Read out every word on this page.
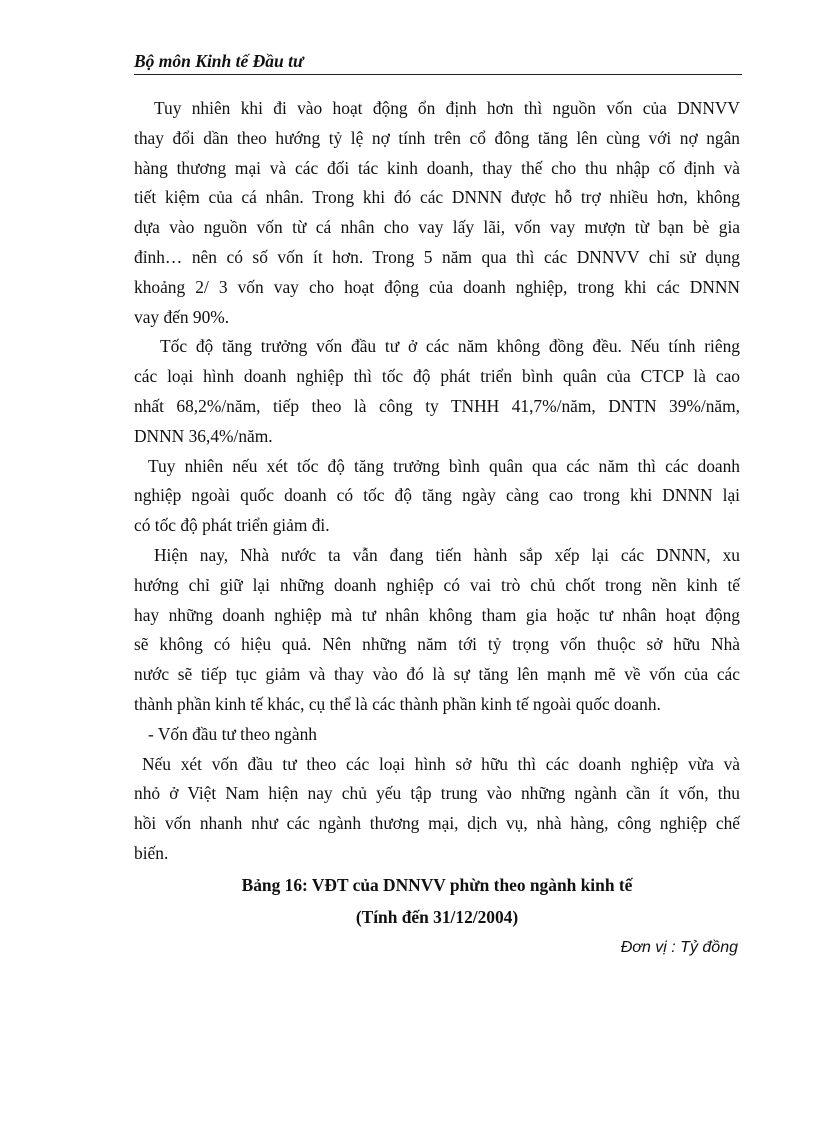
Bộ môn Kinh tế Đầu tư
Tuy nhiên khi đi vào hoạt động ổn định hơn thì nguồn vốn của DNNVV
thay đổi dần theo hướng tỷ lệ nợ tính trên cổ đông tăng lên cùng với nợ ngân
hàng thương mại và các đối tác kinh doanh, thay thế cho thu nhập cố định và
tiết kiệm của cá nhân. Trong khi đó các DNNN được hỗ trợ nhiều hơn, không
dựa vào nguồn vốn từ cá nhân cho vay lấy lãi, vốn vay mượn từ bạn bè gia
đỉnh… nên có số vốn ít hơn. Trong 5 năm qua thì các DNNVV chỉ sử dụng
khoảng 2/ 3 vốn vay cho hoạt động của doanh nghiệp, trong khi các DNNN
vay đến 90%.
Tốc độ tăng trưởng vốn đầu tư ở các năm không đồng đều. Nếu tính riêng
các loại hình doanh nghiệp thì tốc độ phát triển bình quân của CTCP là cao
nhất 68,2%/năm, tiếp theo là công ty TNHH 41,7%/năm, DNTN 39%/năm,
DNNN 36,4%/năm.
Tuy nhiên nếu xét tốc độ tăng trưởng bình quân qua các năm thì các doanh
nghiệp ngoài quốc doanh có tốc độ tăng ngày càng cao trong khi DNNN lại
có tốc độ phát triển giảm đi.
Hiện nay, Nhà nước ta vẫn đang tiến hành sắp xếp lại các DNNN, xu
hướng chỉ giữ lại những doanh nghiệp có vai trò chủ chốt trong nền kinh tế
hay những doanh nghiệp mà tư nhân không tham gia hoặc tư nhân hoạt động
sẽ không có hiệu quả. Nên những năm tới tỷ trọng vốn thuộc sở hữu Nhà
nước sẽ tiếp tục giảm và thay vào đó là sự tăng lên mạnh mẽ về vốn của các
thành phần kinh tế khác, cụ thể là các thành phần kinh tế ngoài quốc doanh.
- Vốn đầu tư theo ngành
Nếu xét vốn đầu tư theo các loại hình sở hữu thì các doanh nghiệp vừa và
nhỏ ở Việt Nam hiện nay chủ yếu tập trung vào những ngành cần ít vốn, thu
hồi vốn nhanh như các ngành thương mại, dịch vụ, nhà hàng, công nghiệp chế
biến.

Bảng 16: VĐT của DNNVV phừn theo ngành kinh tế

(Tính đến 31/12/2004)

Đơn vị : Tỷ đồng
